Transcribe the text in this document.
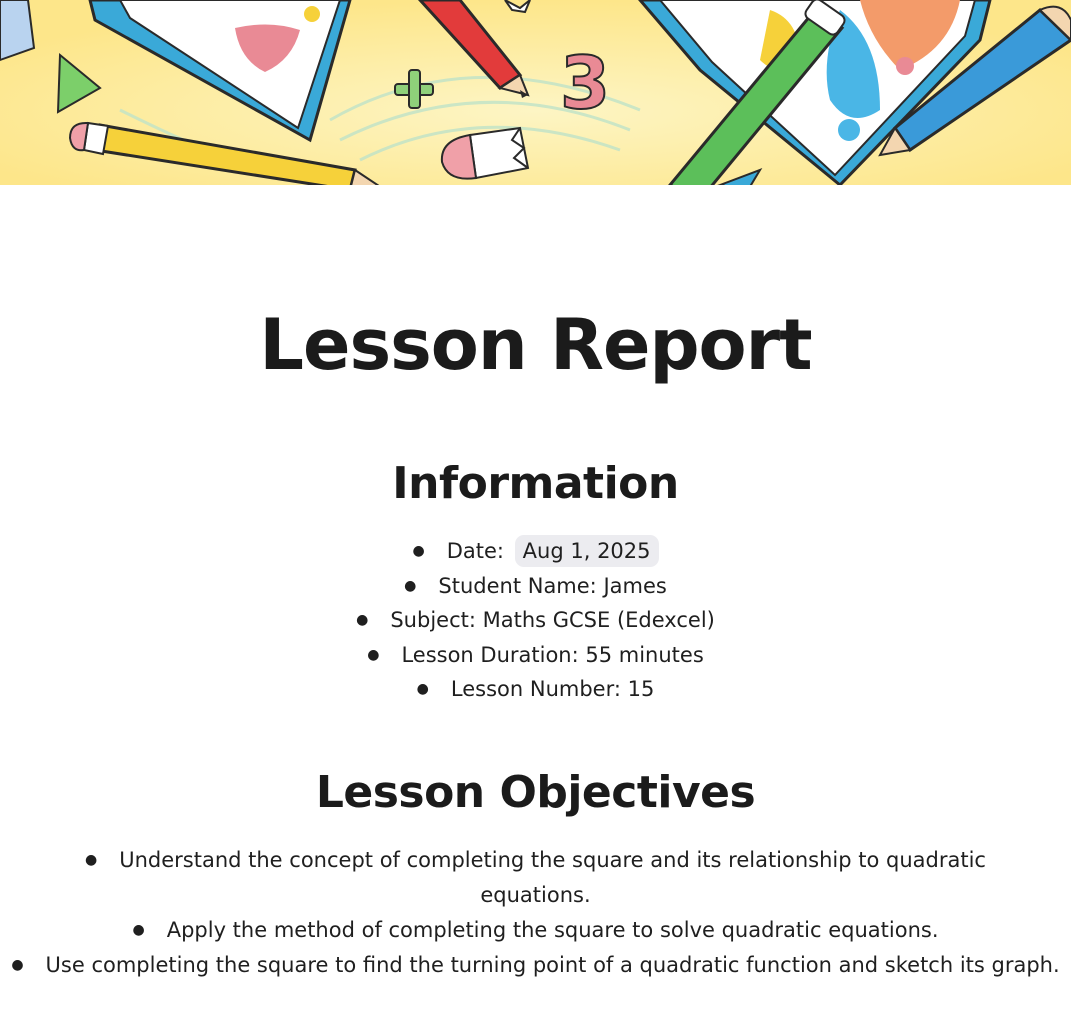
3
Lesson Report
Information
● Date: Aug 1, 2025
● Student Name: James
● Subject: Maths GCSE (Edexcel)
● Lesson Duration: 55 minutes
● Lesson Number: 15
Lesson Objectives
● Understand the concept of completing the square and its relationship to quadratic equations.
● Apply the method of completing the square to solve quadratic equations.
● Use completing the square to find the turning point of a quadratic function and sketch its graph.
